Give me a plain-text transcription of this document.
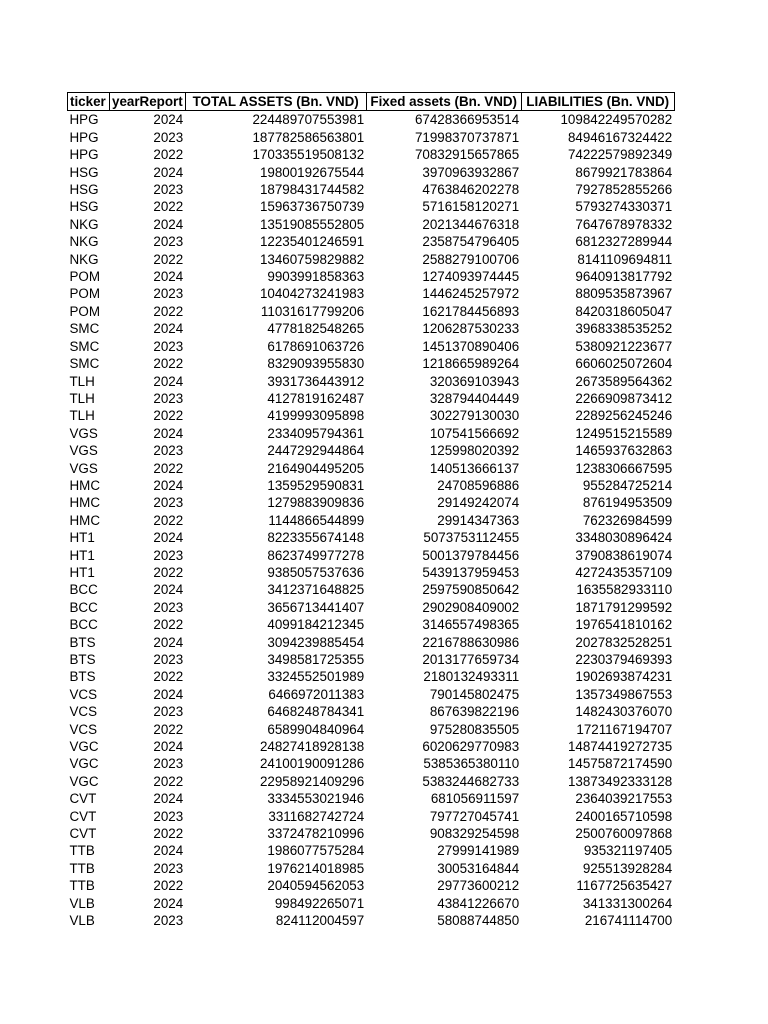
ticker	yearReport	TOTAL ASSETS (Bn. VND)	Fixed assets (Bn. VND)	LIABILITIES (Bn. VND)
HPG	2024	224489707553981	67428366953514	109842249570282
HPG	2023	187782586563801	71998370737871	84946167324422
HPG	2022	170335519508132	70832915657865	74222579892349
HSG	2024	19800192675544	3970963932867	8679921783864
HSG	2023	18798431744582	4763846202278	7927852855266
HSG	2022	15963736750739	5716158120271	5793274330371
NKG	2024	13519085552805	2021344676318	7647678978332
NKG	2023	12235401246591	2358754796405	6812327289944
NKG	2022	13460759829882	2588279100706	8141109694811
POM	2024	9903991858363	1274093974445	9640913817792
POM	2023	10404273241983	1446245257972	8809535873967
POM	2022	11031617799206	1621784456893	8420318605047
SMC	2024	4778182548265	1206287530233	3968338535252
SMC	2023	6178691063726	1451370890406	5380921223677
SMC	2022	8329093955830	1218665989264	6606025072604
TLH	2024	3931736443912	320369103943	2673589564362
TLH	2023	4127819162487	328794404449	2266909873412
TLH	2022	4199993095898	302279130030	2289256245246
VGS	2024	2334095794361	107541566692	1249515215589
VGS	2023	2447292944864	125998020392	1465937632863
VGS	2022	2164904495205	140513666137	1238306667595
HMC	2024	1359529590831	24708596886	955284725214
HMC	2023	1279883909836	29149242074	876194953509
HMC	2022	1144866544899	29914347363	762326984599
HT1	2024	8223355674148	5073753112455	3348030896424
HT1	2023	8623749977278	5001379784456	3790838619074
HT1	2022	9385057537636	5439137959453	4272435357109
BCC	2024	3412371648825	2597590850642	1635582933110
BCC	2023	3656713441407	2902908409002	1871791299592
BCC	2022	4099184212345	3146557498365	1976541810162
BTS	2024	3094239885454	2216788630986	2027832528251
BTS	2023	3498581725355	2013177659734	2230379469393
BTS	2022	3324552501989	2180132493311	1902693874231
VCS	2024	6466972011383	790145802475	1357349867553
VCS	2023	6468248784341	867639822196	1482430376070
VCS	2022	6589904840964	975280835505	1721167194707
VGC	2024	24827418928138	6020629770983	14874419272735
VGC	2023	24100190091286	5385365380110	14575872174590
VGC	2022	22958921409296	5383244682733	13873492333128
CVT	2024	3334553021946	681056911597	2364039217553
CVT	2023	3311682742724	797727045741	2400165710598
CVT	2022	3372478210996	908329254598	2500760097868
TTB	2024	1986077575284	27999141989	935321197405
TTB	2023	1976214018985	30053164844	925513928284
TTB	2022	2040594562053	29773600212	1167725635427
VLB	2024	998492265071	43841226670	341331300264
VLB	2023	824112004597	58088744850	216741114700
